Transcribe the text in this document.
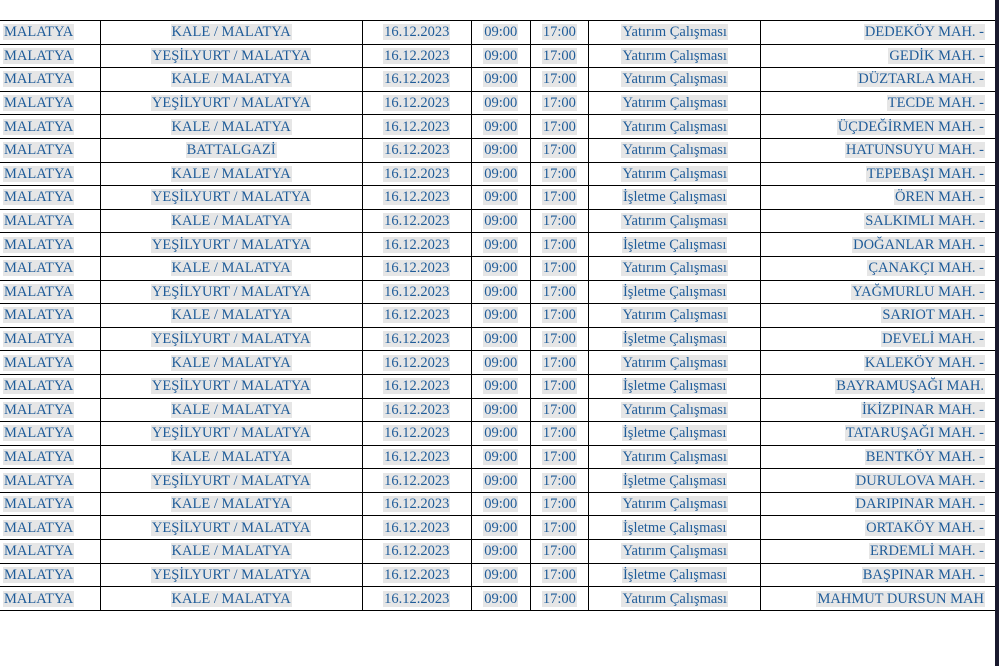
MALATYA	KALE / MALATYA	16.12.2023	09:00	17:00	Yatırım Çalışması	DEDEKÖY MAH. -
MALATYA	YEŞİLYURT / MALATYA	16.12.2023	09:00	17:00	Yatırım Çalışması	GEDİK MAH. -
MALATYA	KALE / MALATYA	16.12.2023	09:00	17:00	Yatırım Çalışması	DÜZTARLA MAH. -
MALATYA	YEŞİLYURT / MALATYA	16.12.2023	09:00	17:00	Yatırım Çalışması	TECDE MAH. -
MALATYA	KALE / MALATYA	16.12.2023	09:00	17:00	Yatırım Çalışması	ÜÇDEĞİRMEN MAH. -
MALATYA	BATTALGAZİ	16.12.2023	09:00	17:00	Yatırım Çalışması	HATUNSUYU MAH. -
MALATYA	KALE / MALATYA	16.12.2023	09:00	17:00	Yatırım Çalışması	TEPEBAŞI MAH. -
MALATYA	YEŞİLYURT / MALATYA	16.12.2023	09:00	17:00	İşletme Çalışması	ÖREN MAH. -
MALATYA	KALE / MALATYA	16.12.2023	09:00	17:00	Yatırım Çalışması	SALKIMLI MAH. -
MALATYA	YEŞİLYURT / MALATYA	16.12.2023	09:00	17:00	İşletme Çalışması	DOĞANLAR MAH. -
MALATYA	KALE / MALATYA	16.12.2023	09:00	17:00	Yatırım Çalışması	ÇANAKÇI MAH. -
MALATYA	YEŞİLYURT / MALATYA	16.12.2023	09:00	17:00	İşletme Çalışması	YAĞMURLU MAH. -
MALATYA	KALE / MALATYA	16.12.2023	09:00	17:00	Yatırım Çalışması	SARIOT MAH. -
MALATYA	YEŞİLYURT / MALATYA	16.12.2023	09:00	17:00	İşletme Çalışması	DEVELİ MAH. -
MALATYA	KALE / MALATYA	16.12.2023	09:00	17:00	Yatırım Çalışması	KALEKÖY MAH. -
MALATYA	YEŞİLYURT / MALATYA	16.12.2023	09:00	17:00	İşletme Çalışması	BAYRAMUŞAĞI MAH.
MALATYA	KALE / MALATYA	16.12.2023	09:00	17:00	Yatırım Çalışması	İKİZPINAR MAH. -
MALATYA	YEŞİLYURT / MALATYA	16.12.2023	09:00	17:00	İşletme Çalışması	TATARUŞAĞI MAH. -
MALATYA	KALE / MALATYA	16.12.2023	09:00	17:00	Yatırım Çalışması	BENTKÖY MAH. -
MALATYA	YEŞİLYURT / MALATYA	16.12.2023	09:00	17:00	İşletme Çalışması	DURULOVA MAH. -
MALATYA	KALE / MALATYA	16.12.2023	09:00	17:00	Yatırım Çalışması	DARIPINAR MAH. -
MALATYA	YEŞİLYURT / MALATYA	16.12.2023	09:00	17:00	İşletme Çalışması	ORTAKÖY MAH. -
MALATYA	KALE / MALATYA	16.12.2023	09:00	17:00	Yatırım Çalışması	ERDEMLİ MAH. -
MALATYA	YEŞİLYURT / MALATYA	16.12.2023	09:00	17:00	İşletme Çalışması	BAŞPINAR MAH. -
MALATYA	KALE / MALATYA	16.12.2023	09:00	17:00	Yatırım Çalışması	MAHMUT DURSUN MAH
